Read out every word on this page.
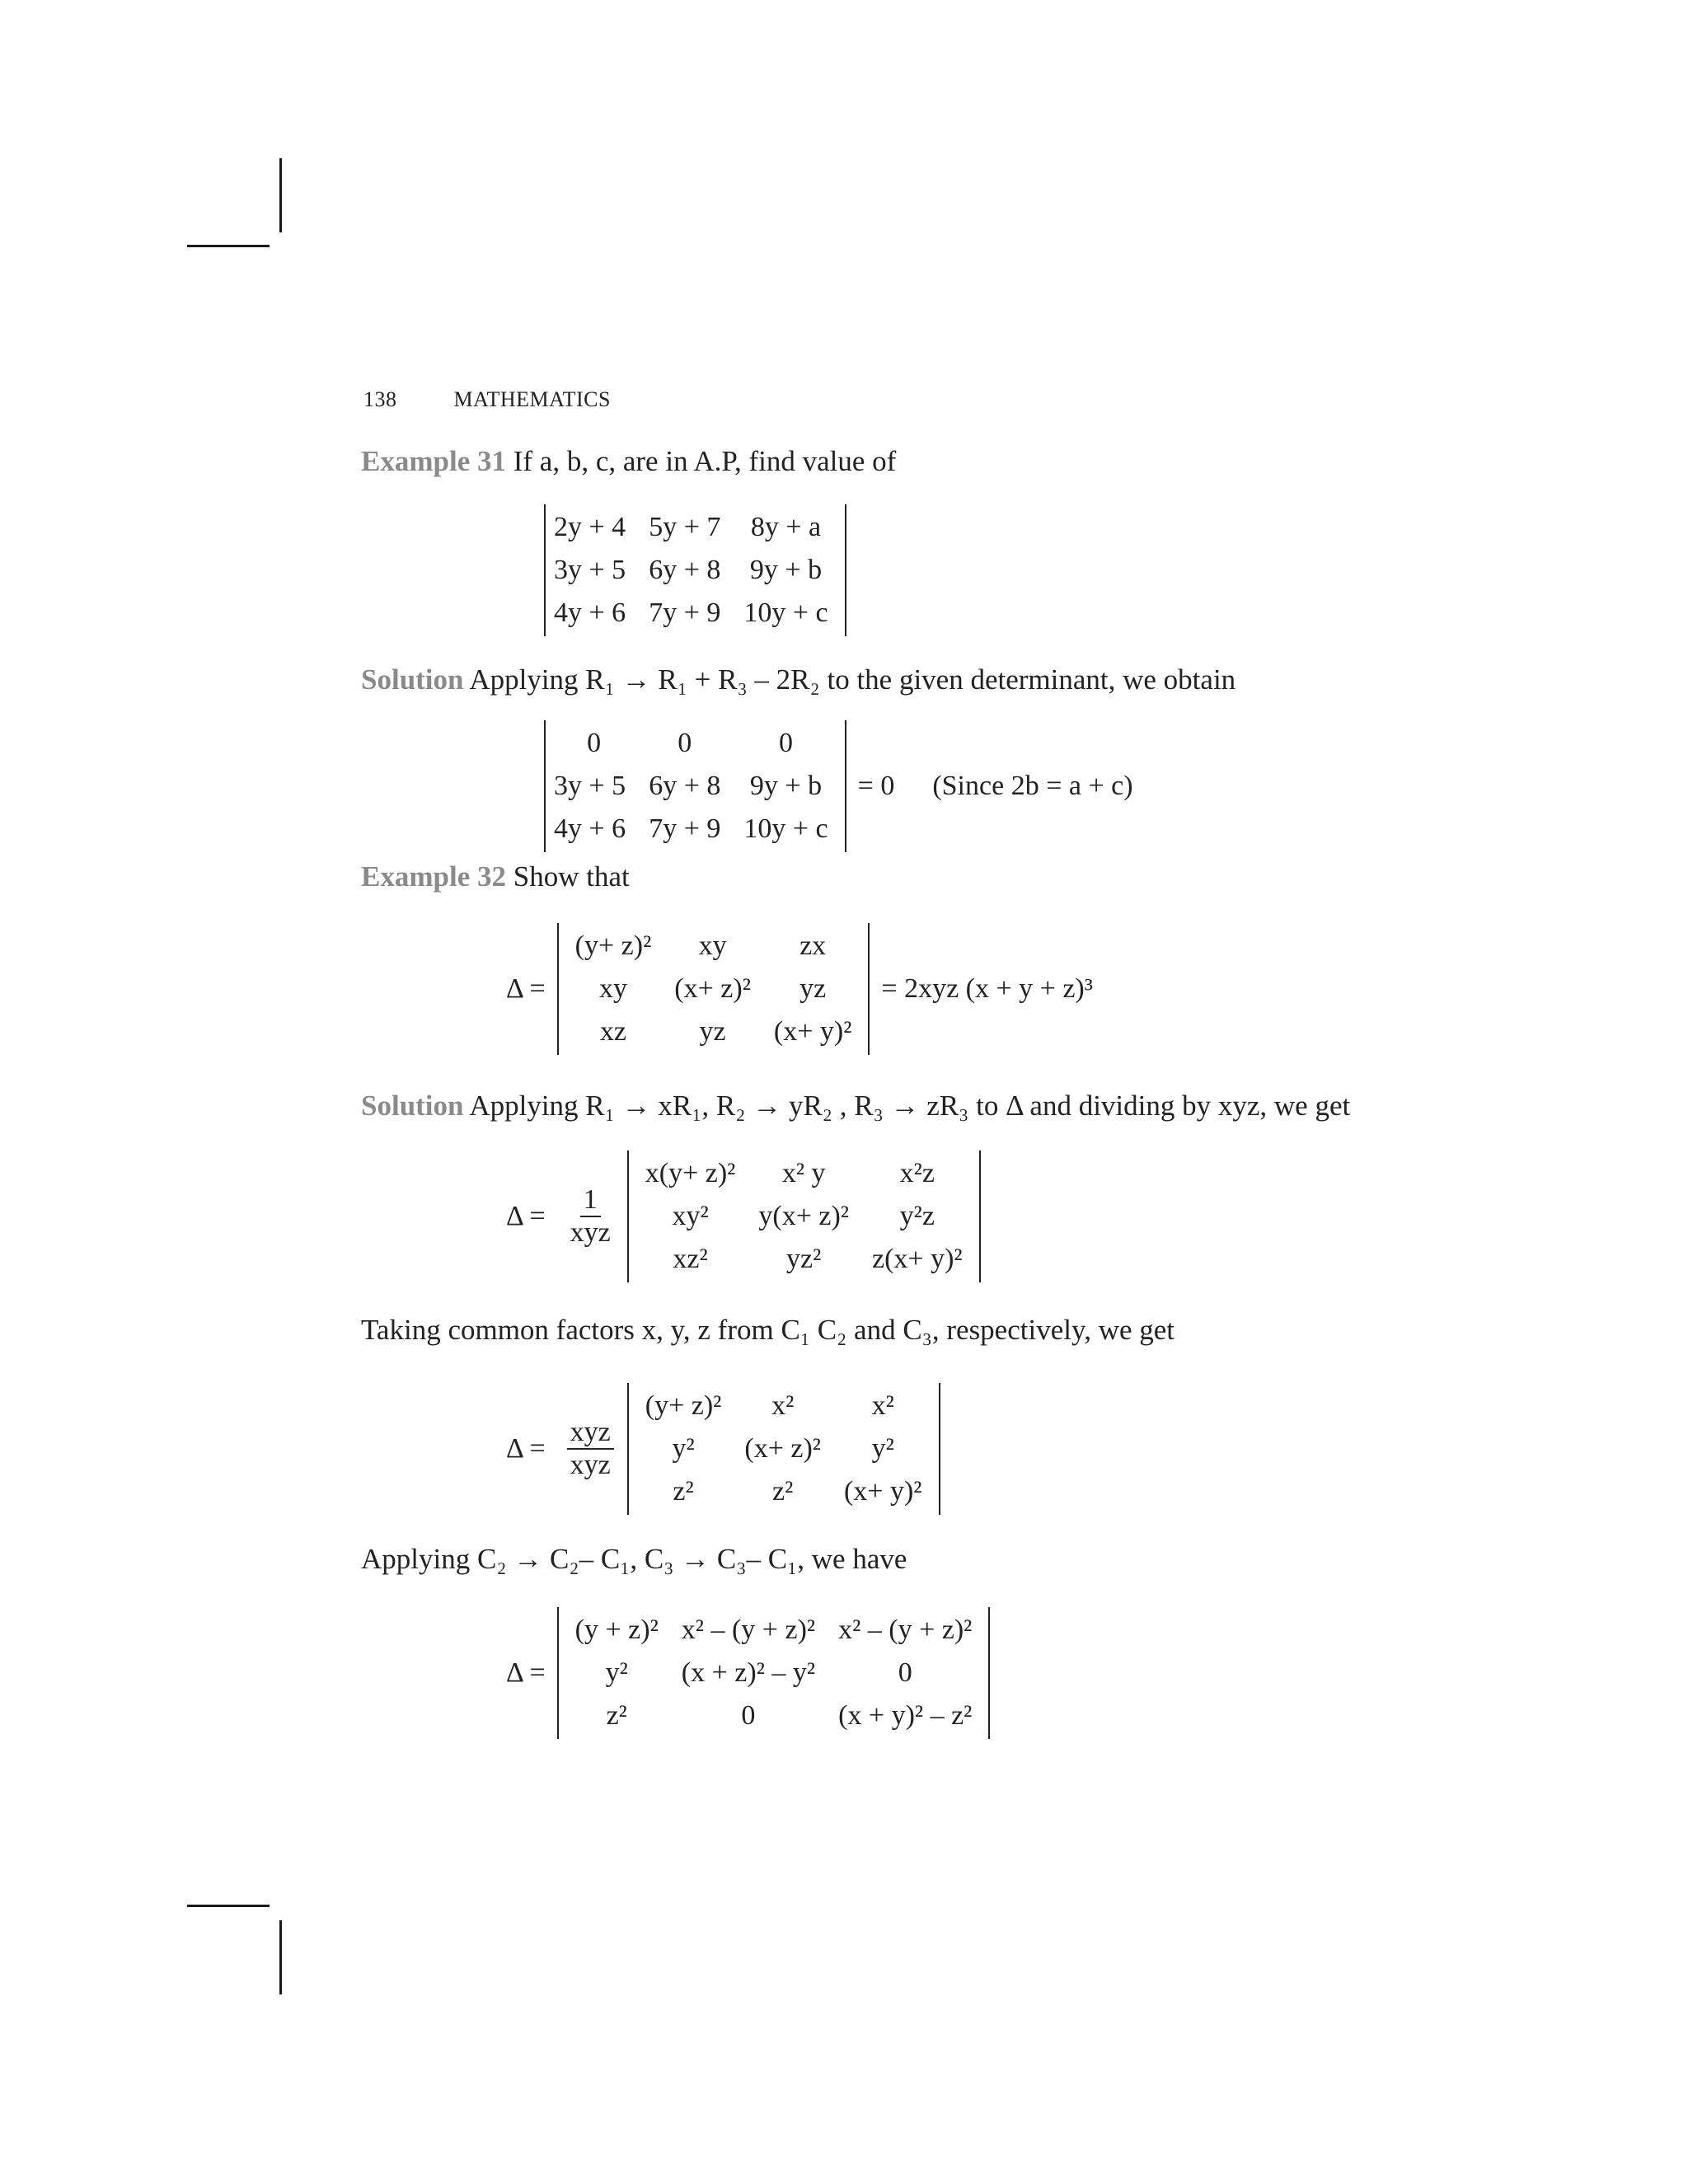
138	MATHEMATICS
Example 31 If a, b, c, are in A.P, find value of
2y + 4	5y + 7	8y + a
3y + 5	6y + 8	9y + b
4y + 6	7y + 9	10y + c
Solution Applying R₁ → R₁ + R₃ – 2R₂ to the given determinant, we obtain
0	0	0
3y + 5	6y + 8	9y + b
4y + 6	7y + 9	10y + c
= 0 (Since 2b = a + c)
Example 32 Show that
Δ =
(y+ z)²	xy	zx
xy	(x+ z)²	yz
xz	yz	(x+ y)²
= 2xyz (x + y + z)³
Solution Applying R₁ → xR₁, R₂ → yR₂ , R₃ → zR₃ to Δ and dividing by xyz, we get
$\Delta = \frac{1}{\text{xyz}}$
x(y+ z)²	x² y	x²z
xy²	y(x+ z)²	y²z
xz²	yz²	z(x+ y)²
Taking common factors x, y, z from C₁ C₂ and C₃, respectively, we get
$\Delta = \frac{\text{xyz}}{\text{xyz}}$
(y+ z)²	x²	x²
y²	(x+ z)²	y²
z²	z²	(x+ y)²
Applying C₂ → C₂– C₁, C₃ → C₃– C₁, we have
Δ =
(y + z)²	x² – (y + z)²	x² – (y + z)²
y²	(x + z)² – y²	0
z²	0	(x + y)² – z²
